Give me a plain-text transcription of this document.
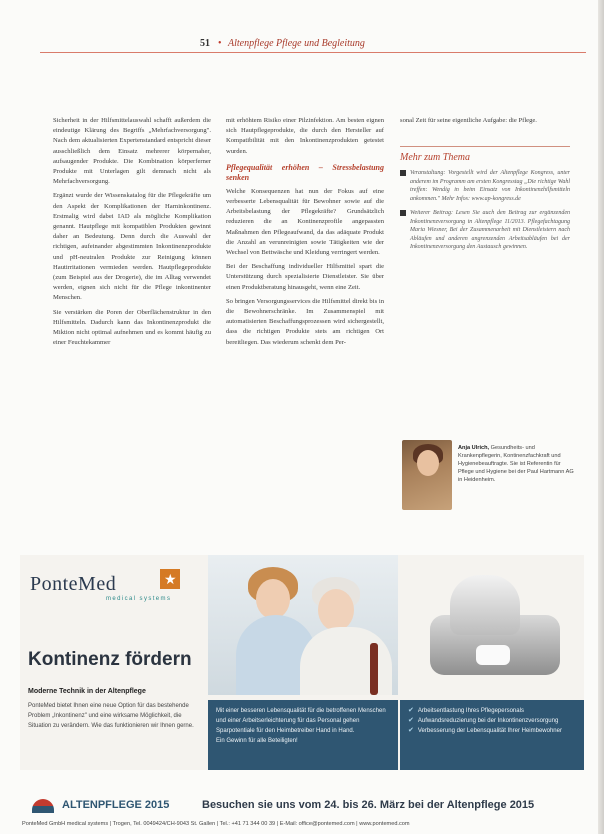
51 • Altenpflege Pflege und Begleitung

Sicherheit in der Hilfsmittelauswahl schafft außerdem die eindeutige Klärung des Begriffs „Mehrfachversorgung". Nach dem aktualisierten Expertenstandard entspricht dieser ausschließlich dem Einsatz mehrerer körpernaher, aufsaugender Produkte. Die Kombination körperferner Produkte mit Unterlagen gilt demnach nicht als Mehrfachversorgung.

Ergänzt wurde der Wissenskatalog für die Pflegekräfte um den Aspekt der Komplikationen der Harninkontinenz. Erstmalig wird dabei IAD als mögliche Komplikation genannt. Hautpflege mit kompatiblen Produkten gewinnt daher an Bedeutung. Denn durch die Auswahl der richtigen, aufeinander abgestimmten Inkontinenzprodukte und pH-neutralen Produkte zur Reinigung können Hautirritationen vermieden werden. Hautpflegeprodukte (zum Beispiel aus der Drogerie), die im Alltag verwendet werden, eignen sich nicht für die Pflege inkontinenter Menschen.

Sie verstärken die Poren der Oberflächenstruktur in den Hilfsmitteln. Dadurch kann das Inkontinenzprodukt die Miktion nicht optimal aufnehmen und es kommt häufig zu einer Feuchtekammer

mit erhöhtem Risiko einer Pilzinfektion. Am besten eignen sich Hautpflegeprodukte, die durch den Hersteller auf Kompatibilität mit den Inkontinenzprodukten getestet wurden.

Pflegequalität erhöhen – Stressbelastung senken

Welche Konsequenzen hat nun der Fokus auf eine verbesserte Lebensqualität für Bewohner sowie auf die Arbeitsbelastung der Pflegekräfte? Grundsätzlich reduzieren die an Kontinenzprofile angepassten Maßnahmen den Pflegeaufwand, da das adäquate Produkt die Anzahl an verunreinigten sowie Tätigkeiten wie der Wechsel von Bettwäsche und Kleidung verringert werden.

Bei der Beschaffung individueller Hilfsmittel spart die Unterstützung durch spezialisierte Dienstleister. Sie über einen Produktberatung hinausgeht, wenn eine Zeit.

So bringen Versorgungsservices die Hilfsmittel direkt bis in die Bewohnerschränke. Im Zusammenspiel mit automatisierten Beschaffungsprozessen wird sichergestellt, dass die richtigen Produkte stets am richtigen Ort bereitliegen. Das wiederum schenkt dem Per-

sonal Zeit für seine eigentliche Aufgabe: die Pflege.

Mehr zum Thema
Veranstaltung: Vorgestellt wird der Altenpflege Kongress, unter anderem im Programm am ersten Kongresstag „Die richtige Wahl treffen: Wendig in beim Einsatz von Inkontinenzhilfsmitteln ankommen." Mehr Infos: www.ap-kongress.de
Weiterer Beitrag: Lesen Sie auch den Beitrag zur ergänzenden Inkontinenzversorgung in Altenpflege 11/2013. Pflegefachtagung Maria Wiesner, Bei der Zusammenarbeit mit Dienstleistern nach Abläufen und anderen angrenzenden Arbeitsabläufen bei der Inkontinenzversorgung den Austausch gewinnen.
Anja Ulrich, Gesundheits- und Krankenpflegerin, Kontinenzfachkraft und Hygienebeauftragte. Sie ist Referentin für Pflege und Hygiene bei der Paul Hartmann AG in Heidenheim.
PonteMed	★
medical systems
Kontinenz fördern
Moderne Technik in der Altenpflege
PonteMed bietet Ihnen eine neue Option für das bestehende Problem „Inkontinenz" und eine wirksame Möglichkeit, die Situation zu verändern. Wie das funktionieren wir Ihnen gerne.
Mit einer besseren Lebensqualität für die betroffenen Menschen und einer Arbeitserleichterung für das Personal gehen Sparpotentiale für den Heimbetreiber Hand in Hand.
Ein Gewinn für alle Beteiligten!
✔ Arbeitsentlastung Ihres Pflegepersonals
✔ Aufwandsreduzierung bei der Inkontinenzversorgung
✔ Verbesserung der Lebensqualität Ihrer Heimbewohner
ALTENPFLEGE 2015	Besuchen sie uns vom 24. bis 26. März bei der Altenpflege 2015
PonteMed GmbH medical systems | Trogen, Tel. 0049424/CH-9043 St. Gallen | Tel.: +41 71 344 00 39 | E-Mail: office@pontemed.com | www.pontemed.com
